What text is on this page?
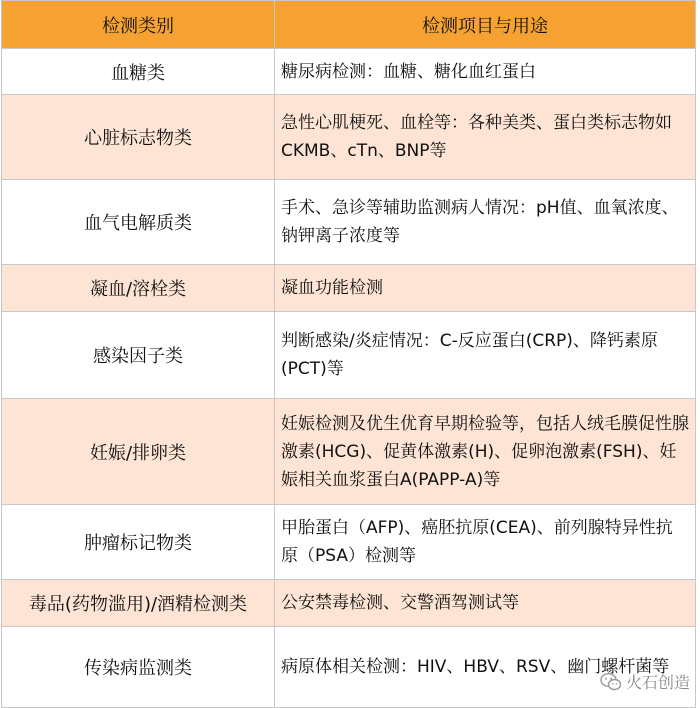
检测类别	检测项目与用途
血糖类	糖尿病检测：血糖、糖化血红蛋白
心脏标志物类	急性心肌梗死、血栓等：各种美类、蛋白类标志物如CKMB、cTn、BNP等
血气电解质类	手术、急诊等辅助监测病人情况：pH值、血氧浓度、钠钾离子浓度等
凝血/溶栓类	凝血功能检测
感染因子类	判断感染/炎症情况：C-反应蛋白(CRP)、降钙素原(PCT)等
妊娠/排卵类	妊娠检测及优生优育早期检验等，包括人绒毛膜促性腺激素(HCG)、促黄体激素(H)、促卵泡激素(FSH)、妊娠相关血浆蛋白A(PAPP-A)等
肿瘤标记物类	甲胎蛋白（AFP)、癌胚抗原(CEA)、前列腺特异性抗原（PSA）检测等
毒品(药物滥用)/酒精检测类	公安禁毒检测、交警酒驾测试等
传染病监测类	病原体相关检测：HIV、HBV、RSV、幽门螺杆菌等
火石创造
